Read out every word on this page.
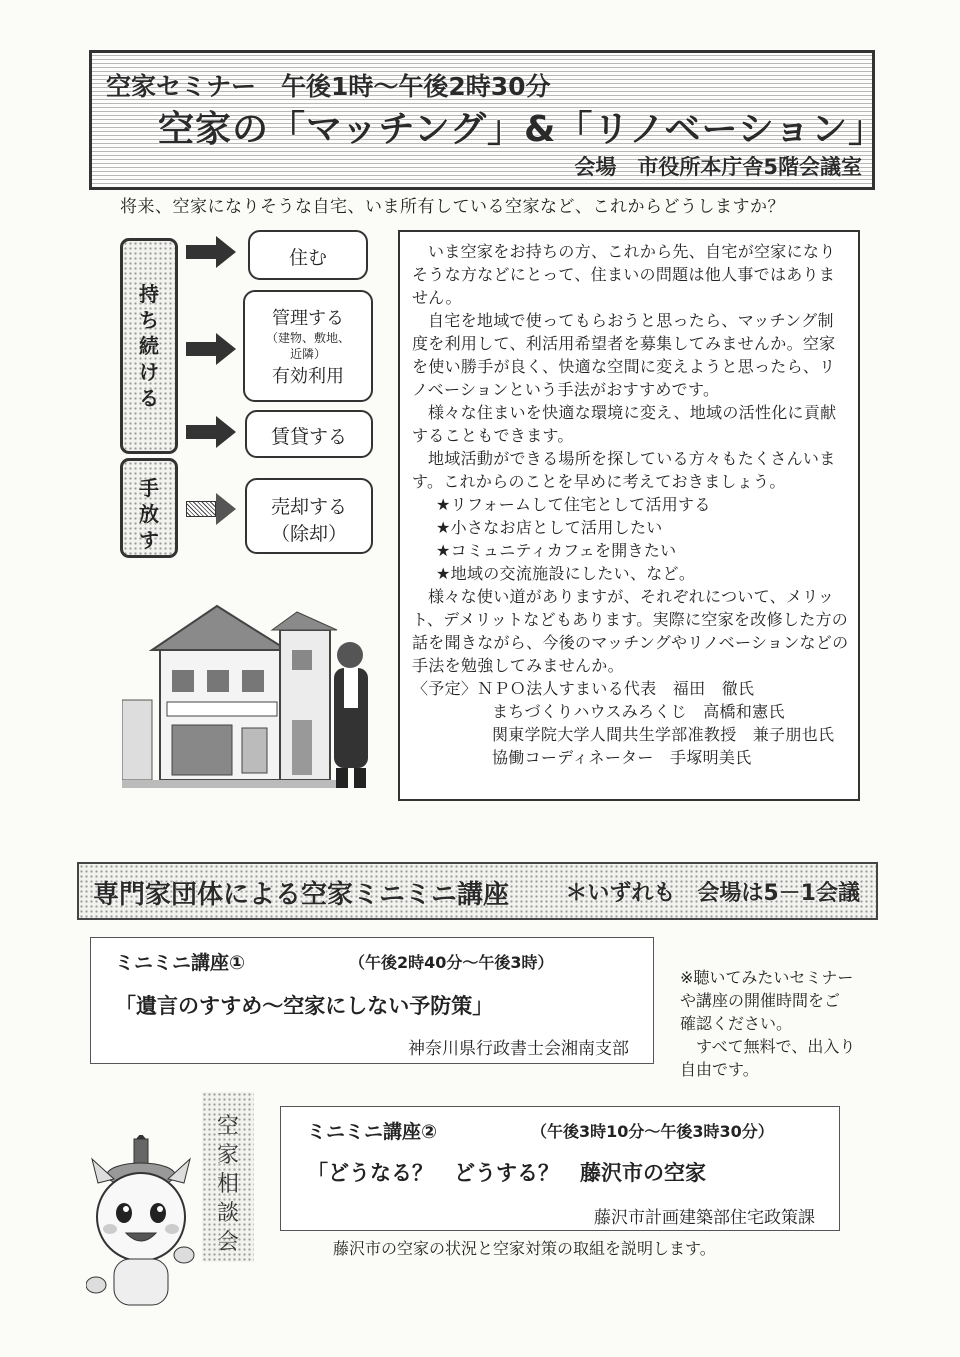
空家セミナー　午後1時～午後2時30分
空家の「マッチング」&「リノベーション」
会場　市役所本庁舎5階会議室
将来、空家になりそうな自宅、いま所有している空家など、これからどうしますか？
持ち続ける
手放す
住む
管理する
（建物、敷地、
近隣）
有効利用
賃貸する
売却する
（除却）

いま空家をお持ちの方、これから先、自宅が空家になりそうな方などにとって、住まいの問題は他人事ではありません。

自宅を地域で使ってもらおうと思ったら、マッチング制度を利用して、利活用希望者を募集してみませんか。空家を使い勝手が良く、快適な空間に変えようと思ったら、リノベーションという手法がおすすめです。

様々な住まいを快適な環境に変え、地域の活性化に貢献することもできます。

地域活動ができる場所を探している方々もたくさんいます。これからのことを早めに考えておきましょう。

★リフォームして住宅として活用する

★小さなお店として活用したい

★コミュニティカフェを開きたい

★地域の交流施設にしたい、など。

様々な使い道がありますが、それぞれについて、メリット、デメリットなどもあります。実際に空家を改修した方の話を聞きながら、今後のマッチングやリノベーションなどの手法を勉強してみませんか。

〈予定〉ＮＰＯ法人すまいる代表　福田　徹氏
まちづくりハウスみろくじ　高橋和憲氏
関東学院大学人間共生学部准教授　兼子朋也氏
協働コーディネーター　手塚明美氏

専門家団体による空家ミニミニ講座	＊いずれも　会場は5－1会議
ミニミニ講座①	（午後2時40分～午後3時）
「遺言のすすめ～空家にしない予防策」
神奈川県行政書士会湘南支部
※聴いてみたいセミナー
や講座の開催時間をご
確認ください。
　すべて無料で、出入り
自由です。
空家相談会
ミニミニ講座②	（午後3時10分～午後3時30分）
「どうなる？　どうする？　藤沢市の空家
藤沢市計画建築部住宅政策課
藤沢市の空家の状況と空家対策の取組を説明します。
